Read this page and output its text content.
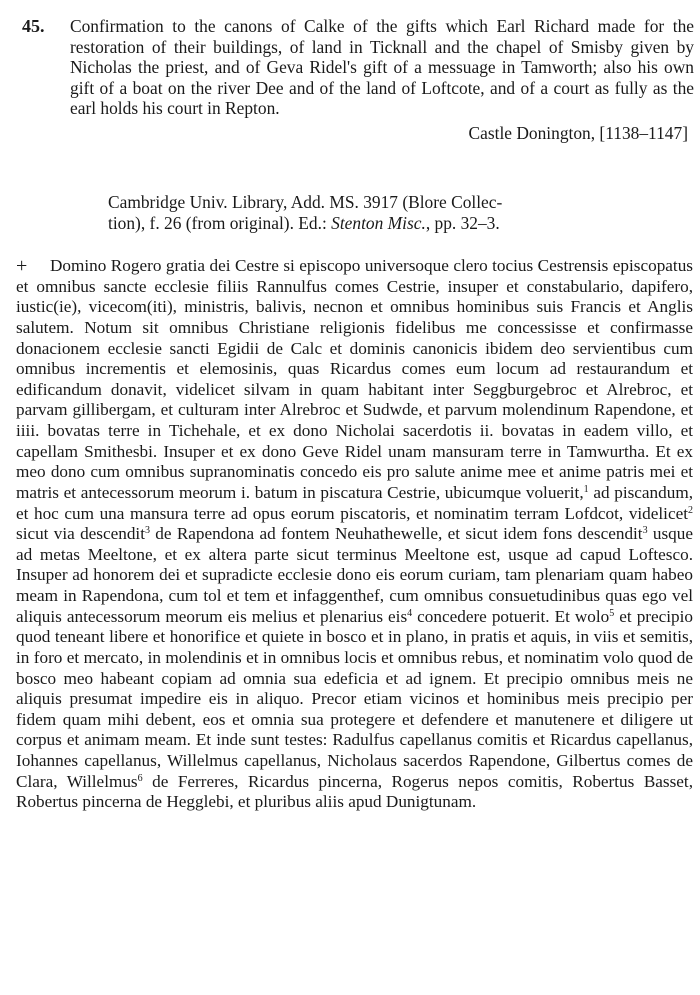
45. Confirmation to the canons of Calke of the gifts which Earl Richard made for the restoration of their buildings, of land in Ticknall and the chapel of Smisby given by Nicholas the priest, and of Geva Ridel's gift of a messuage in Tamworth; also his own gift of a boat on the river Dee and of the land of Loftcote, and of a court as fully as the earl holds his court in Repton.
Castle Donington, [1138–1147]
Cambridge Univ. Library, Add. MS. 3917 (Blore Collec-
tion), f. 26 (from original). Ed.: Stenton Misc., pp. 32–3.
+ Domino Rogero gratia dei Cestre si episcopo universoque clero tocius Cestrensis episcopatus et omnibus sancte ecclesie filiis Rannulfus comes Cestrie, insuper et constabulario, dapifero, iustic(ie), vicecom(iti), ministris, balivis, necnon et omnibus hominibus suis Francis et Anglis salutem. Notum sit omnibus Christiane religionis fidelibus me concessisse et confirmasse donacionem ecclesie sancti Egidii de Calc et dominis canonicis ibidem deo servientibus cum omnibus incrementis et elemosinis, quas Ricardus comes eum locum ad restaurandum et edificandum donavit, videlicet silvam in quam habitant inter Seggburgebroc et Alrebroc, et parvam gillibergam, et culturam inter Alrebroc et Sudwde, et parvum molendinum Rapendone, et iiii. bovatas terre in Tichehale, et ex dono Nicholai sacerdotis ii. bovatas in eadem villo, et capellam Smithesbi. Insuper et ex dono Geve Ridel unam mansuram terre in Tamwurtha. Et ex meo dono cum omnibus supranominatis concedo eis pro salute anime mee et anime patris mei et matris et antecessorum meorum i. batum in piscatura Cestrie, ubicumque voluerit,$^1$ ad piscandum, et hoc cum una mansura terre ad opus eorum piscatoris, et nominatim terram Lofdcot, videlicet$^2$ sicut via descendit$^3$ de Rapendona ad fontem Neuhathewelle, et sicut idem fons descendit$^3$ usque ad metas Meeltone, et ex altera parte sicut terminus Meeltone est, usque ad capud Loftesco. Insuper ad honorem dei et supradicte ecclesie dono eis eorum curiam, tam plenariam quam habeo meam in Rapendona, cum tol et tem et infaggenthef, cum omnibus consuetudinibus quas ego vel aliquis antecessorum meorum eis melius et plenarius eis$^4$ concedere potuerit. Et wolo$^5$ et precipio quod teneant libere et honorifice et quiete in bosco et in plano, in pratis et aquis, in viis et semitis, in foro et mercato, in molendinis et in omnibus locis et omnibus rebus, et nominatim volo quod de bosco meo habeant copiam ad omnia sua edeficia et ad ignem. Et precipio omnibus meis ne aliquis presumat impedire eis in aliquo. Precor etiam vicinos et hominibus meis precipio per fidem quam mihi debent, eos et omnia sua protegere et defendere et manutenere et diligere ut corpus et animam meam. Et inde sunt testes: Radulfus capellanus comitis et Ricardus capellanus, Iohannes capellanus, Willelmus capellanus, Nicholaus sacerdos Rapendone, Gilbertus comes de Clara, Willelmus$^6$ de Ferreres, Ricardus pincerna, Rogerus nepos comitis, Robertus Basset, Robertus pincerna de Hegglebi, et pluribus aliis apud Dunigtunam.
